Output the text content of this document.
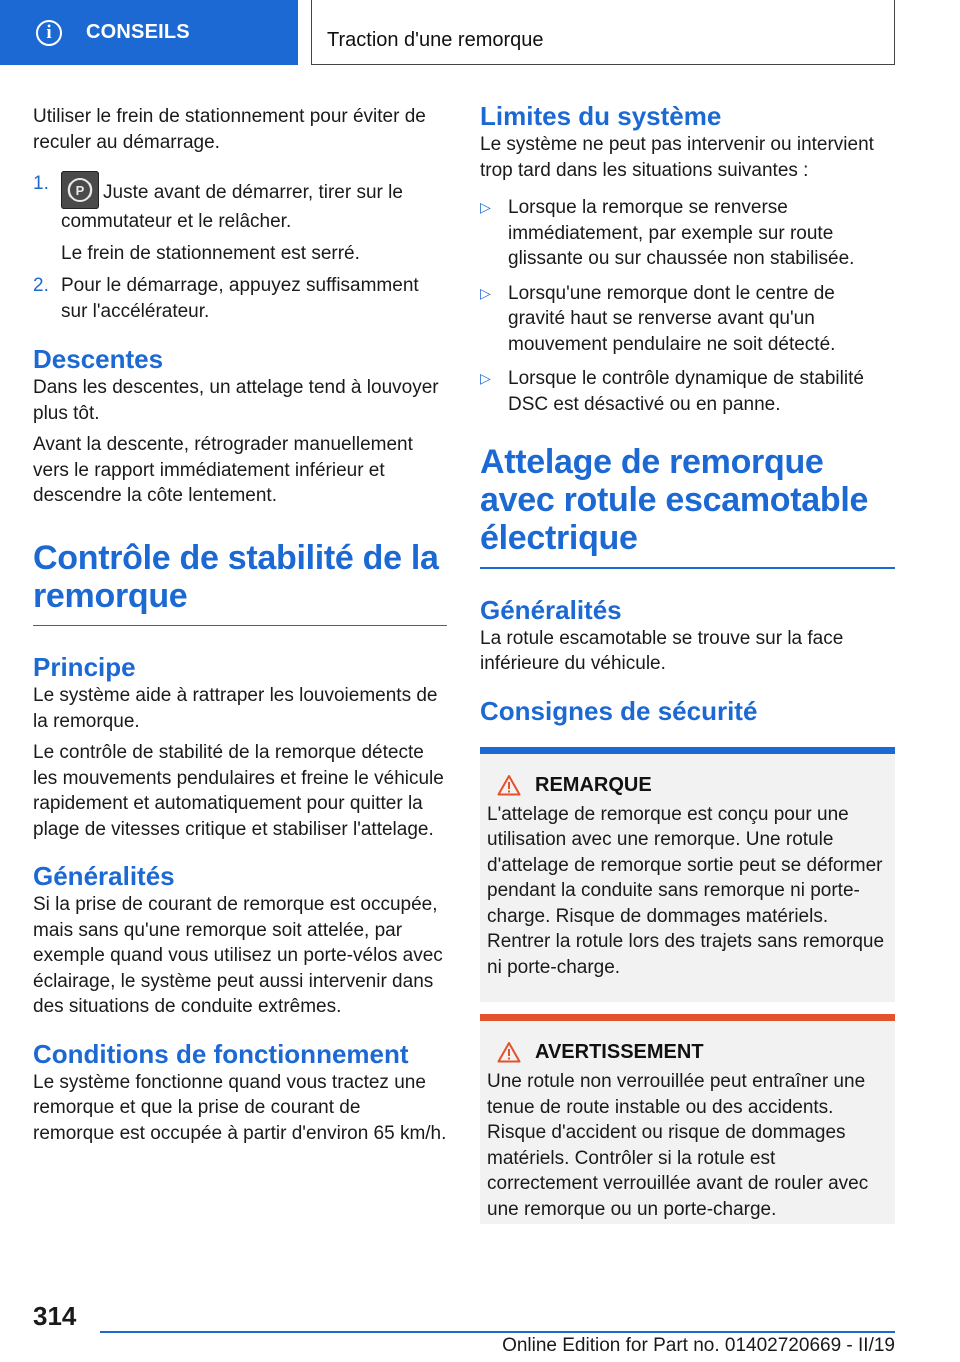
i	CONSEILS	Traction d'une remorque

Utiliser le frein de stationnement pour éviter de reculer au démarrage.

1. P Juste avant de démarrer, tirer sur le commutateur et le relâcher.

Le frein de stationnement est serré.

2. Pour le démarrage, appuyez suffisamment sur l'accélérateur.

Descentes

Dans les descentes, un attelage tend à louvoyer plus tôt.

Avant la descente, rétrograder manuellement vers le rapport immédiatement inférieur et descendre la côte lentement.

Contrôle de stabilité de la remorque
Principe

Le système aide à rattraper les louvoiements de la remorque.

Le contrôle de stabilité de la remorque détecte les mouvements pendulaires et freine le véhicule rapidement et automatiquement pour quitter la plage de vitesses critique et stabiliser l'attelage.

Généralités

Si la prise de courant de remorque est occupée, mais sans qu'une remorque soit attelée, par exemple quand vous utilisez un porte-vélos avec éclairage, le système peut aussi intervenir dans des situations de conduite extrêmes.

Conditions de fonctionnement

Le système fonctionne quand vous tractez une remorque et que la prise de courant de remorque est occupée à partir d'environ 65 km/h.

Limites du système

Le système ne peut pas intervenir ou intervient trop tard dans les situations suivantes :

▷ Lorsque la remorque se renverse immédiatement, par exemple sur route glissante ou sur chaussée non stabilisée.

▷ Lorsqu'une remorque dont le centre de gravité haut se renverse avant qu'un mouvement pendulaire ne soit détecté.

▷ Lorsque le contrôle dynamique de stabilité DSC est désactivé ou en panne.

Attelage de remorque avec rotule escamotable électrique
Généralités

La rotule escamotable se trouve sur la face inférieure du véhicule.

Consignes de sécurité
REMARQUE

L'attelage de remorque est conçu pour une utilisation avec une remorque. Une rotule d'attelage de remorque sortie peut se déformer pendant la conduite sans remorque ni porte-charge. Risque de dommages matériels. Rentrer la rotule lors des trajets sans remorque ni porte-charge.

AVERTISSEMENT

Une rotule non verrouillée peut entraîner une tenue de route instable ou des accidents. Risque d'accident ou risque de dommages matériels. Contrôler si la rotule est correctement verrouillée avant de rouler avec une remorque ou un porte-charge.

314
Online Edition for Part no. 01402720669 - II/19
